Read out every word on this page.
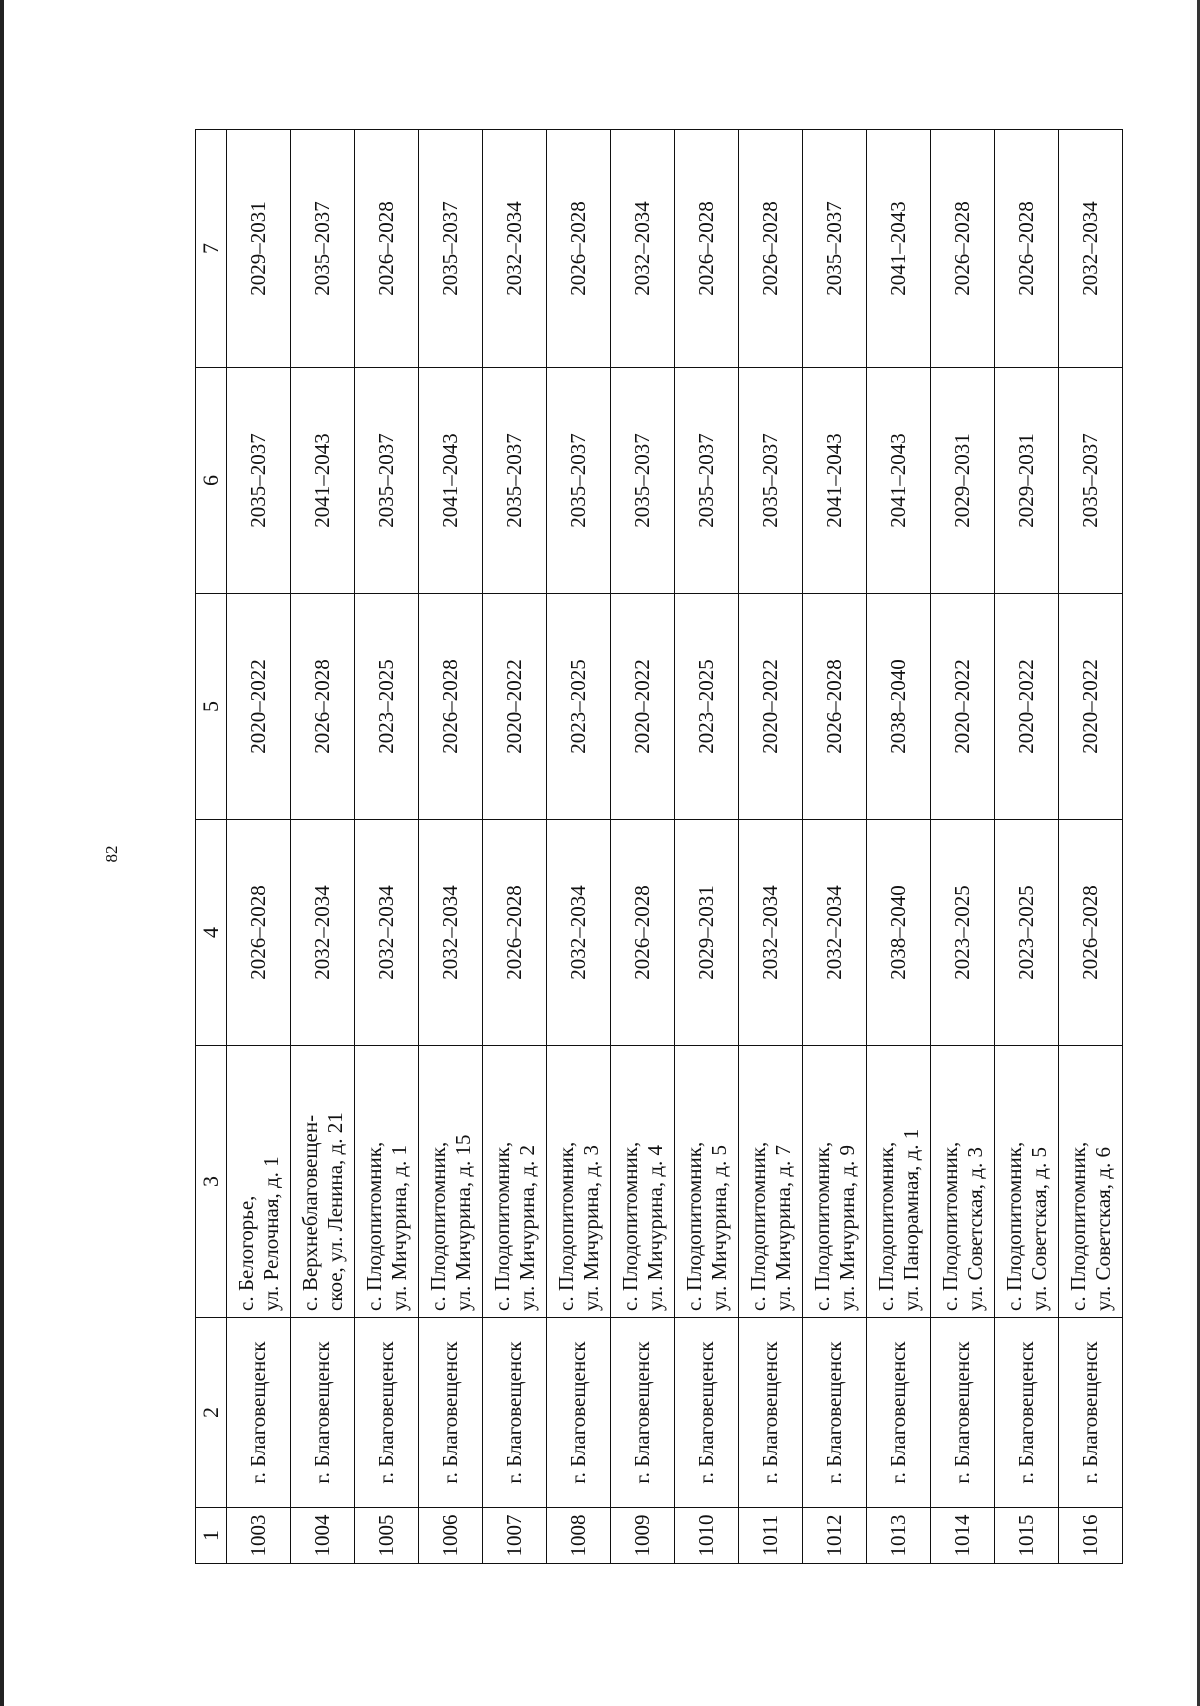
82
1	2	3	4	5	6	7
1003	г. Благовещенск	с. Белогорье, ул. Релочная, д. 1	2026–2028	2020–2022	2035–2037	2029–2031
1004	г. Благовещенск	с. Верхнеблаговещен- ское, ул. Ленина, д. 21	2032–2034	2026–2028	2041–2043	2035–2037
1005	г. Благовещенск	с. Плодопитомник, ул. Мичурина, д. 1	2032–2034	2023–2025	2035–2037	2026–2028
1006	г. Благовещенск	с. Плодопитомник, ул. Мичурина, д. 15	2032–2034	2026–2028	2041–2043	2035–2037
1007	г. Благовещенск	с. Плодопитомник, ул. Мичурина, д. 2	2026–2028	2020–2022	2035–2037	2032–2034
1008	г. Благовещенск	с. Плодопитомник, ул. Мичурина, д. 3	2032–2034	2023–2025	2035–2037	2026–2028
1009	г. Благовещенск	с. Плодопитомник, ул. Мичурина, д. 4	2026–2028	2020–2022	2035–2037	2032–2034
1010	г. Благовещенск	с. Плодопитомник, ул. Мичурина, д. 5	2029–2031	2023–2025	2035–2037	2026–2028
1011	г. Благовещенск	с. Плодопитомник, ул. Мичурина, д. 7	2032–2034	2020–2022	2035–2037	2026–2028
1012	г. Благовещенск	с. Плодопитомник, ул. Мичурина, д. 9	2032–2034	2026–2028	2041–2043	2035–2037
1013	г. Благовещенск	с. Плодопитомник, ул. Панорамная, д. 1	2038–2040	2038–2040	2041–2043	2041–2043
1014	г. Благовещенск	с. Плодопитомник, ул. Советская, д. 3	2023–2025	2020–2022	2029–2031	2026–2028
1015	г. Благовещенск	с. Плодопитомник, ул. Советская, д. 5	2023–2025	2020–2022	2029–2031	2026–2028
1016	г. Благовещенск	с. Плодопитомник, ул. Советская, д. 6	2026–2028	2020–2022	2035–2037	2032–2034
